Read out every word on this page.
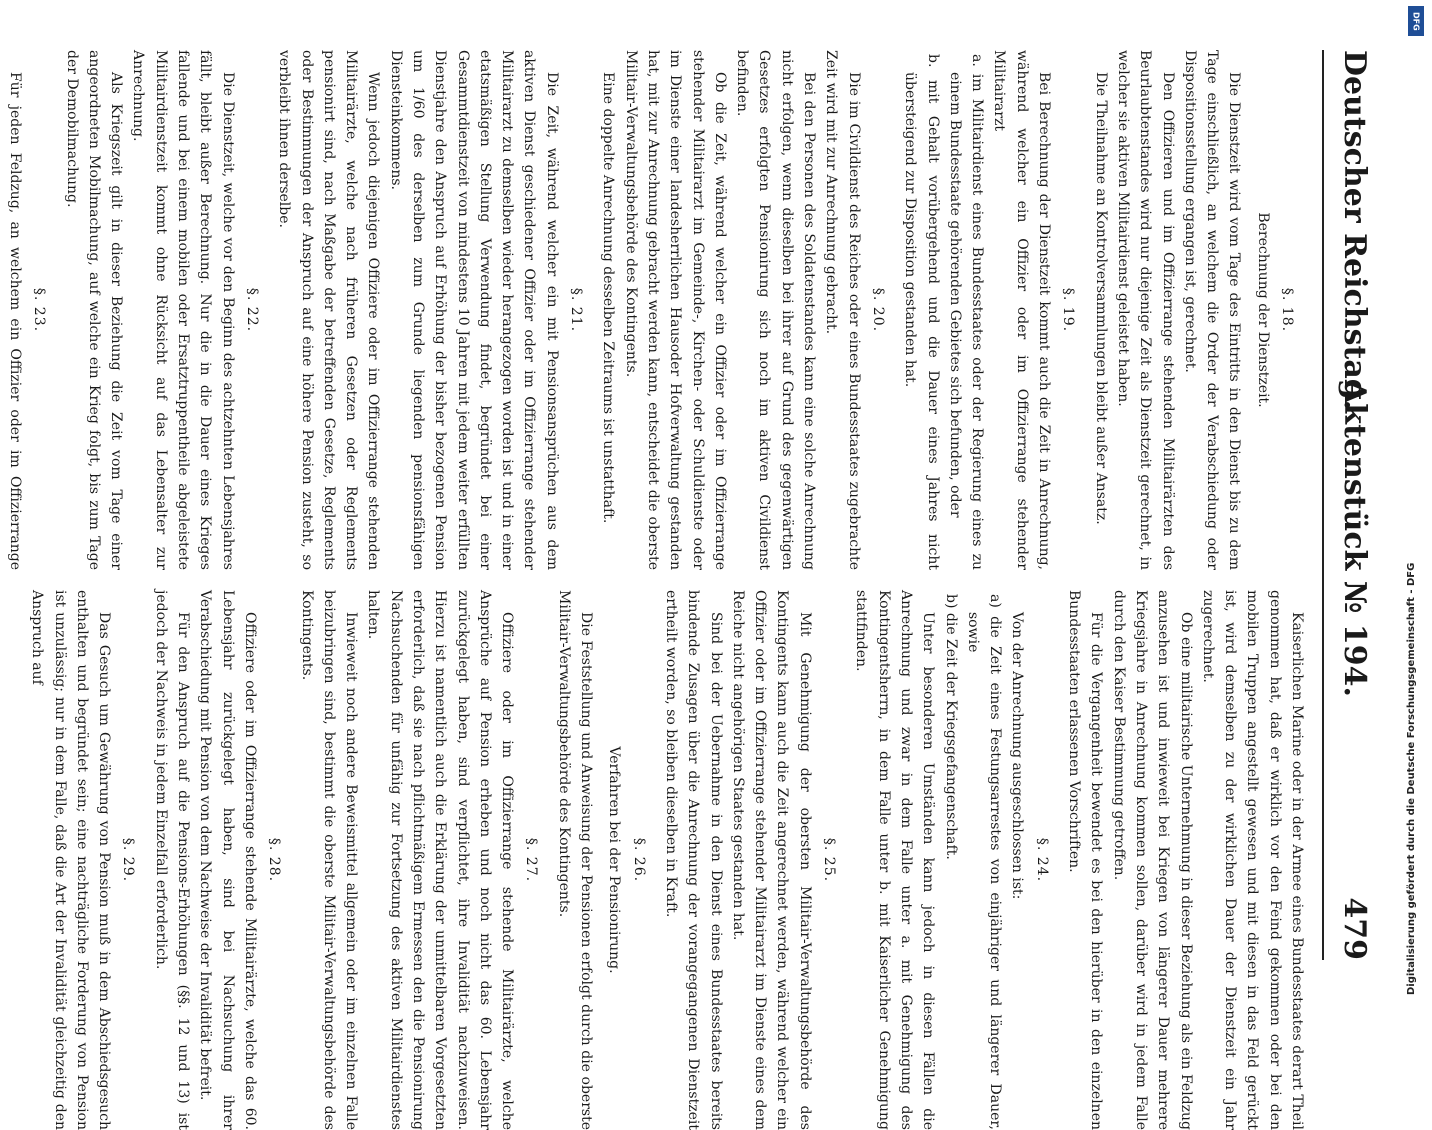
Deutscher Reichstag.
Aktenstück № 194.
479

§. 18.

Berechnung der Dienstzeit.

Die Dienstzeit wird vom Tage des Eintritts in den Dienst bis zu dem Tage einschließlich, an welchem die Order der Verabschiedung oder Dispositionsstellung ergangen ist, gerechnet.

Den Offizieren und im Offizierrange stehenden Militairärzten des Beurlaubtenstandes wird nur diejenige Zeit als Dienstzeit gerechnet, in welcher sie aktiven Militairdienst geleistet haben.

Die Theilnahme an Kontrolversammlungen bleibt außer Ansatz.

§. 19.

Bei Berechnung der Dienstzeit kommt auch die Zeit in Anrechnung, während welcher ein Offizier oder im Offizierrange stehender Militairarzt

a. im Militairdienst eines Bundesstaates oder der Regierung eines zu einem Bundesstaate gehörenden Gebietes sich befunden, oder

b. mit Gehalt vorübergehend und die Dauer eines Jahres nicht übersteigend zur Disposition gestanden hat.

§. 20.

Die im Civildienst des Reiches oder eines Bundesstaates zugebrachte Zeit wird mit zur Anrechnung gebracht.

Bei den Personen des Soldatenstandes kann eine solche Anrechnung nicht erfolgen, wenn dieselben bei ihrer auf Grund des gegenwärtigen Gesetzes erfolgten Pensionirung sich noch im aktiven Civildienst befinden.

Ob die Zeit, während welcher ein Offizier oder im Offizierrange stehender Militairarzt im Gemeinde-, Kirchen- oder Schuldienste oder im Dienste einer landesherrlichen Hausoder Hofverwaltung gestanden hat, mit zur Anrechnung gebracht werden kann, entscheidet die oberste Militair-Verwaltungsbehörde des Kontingents.

Eine doppelte Anrechnung desselben Zeitraums ist unstatthaft.

§. 21.

Die Zeit, während welcher ein mit Pensionsansprüchen aus dem aktiven Dienst geschiedener Offizier oder im Offizierrange stehender Militairarzt zu demselben wieder herangezogen worden ist und in einer etatsmäßigen Stellung Verwendung findet, begründet bei einer Gesammtdienstzeit von mindestens 10 Jahren mit jedem weiter erfüllten Dienstjahre den Anspruch auf Erhöhung der bisher bezogenen Pension um 1/60 des derselben zum Grunde liegenden pensionsfähigen Diensteinkommens.

Wenn jedoch diejenigen Offiziere oder im Offizierrange stehenden Militairärzte, welche nach früheren Gesetzen oder Reglements pensionirt sind, nach Maßgabe der betreffenden Gesetze, Reglements oder Bestimmungen der Anspruch auf eine höhere Pension zusteht, so verbleibt ihnen derselbe.

§. 22.

Die Dienstzeit, welche vor den Beginn des achtzehnten Lebensjahres fällt, bleibt außer Berechnung. Nur die in die Dauer eines Krieges fallende und bei einem mobilen oder Ersatztruppentheile abgeleistete Militairdienstzeit kommt ohne Rücksicht auf das Lebensalter zur Anrechnung.

Als Kriegszeit gilt in dieser Beziehung die Zeit vom Tage einer angeordneten Mobilmachung, auf welche ein Krieg folgt, bis zum Tage der Demobilmachung.

§. 23.

Für jeden Feldzug, an welchem ein Offizier oder im Offizierrange

Kaiserlichen Marine oder in der Armee eines Bundesstaates derart Theil genommen hat, daß er wirklich vor den Feind gekommen oder bei den mobilen Truppen angestellt gewesen und mit diesen in das Feld gerückt ist, wird demselben zu der wirklichen Dauer der Dienstzeit ein Jahr zugerechnet.

Ob eine militairische Unternehmung in dieser Beziehung als ein Feldzug anzusehen ist und inwieweit bei Kriegen von längerer Dauer mehrere Kriegsjahre in Anrechnung kommen sollen, darüber wird in jedem Falle durch den Kaiser Bestimmung getroffen.

Für die Vergangenheit bewendet es bei den hierüber in den einzelnen Bundesstaaten erlassenen Vorschriften.

§. 24.

Von der Anrechnung ausgeschlossen ist:

a) die Zeit eines Festungsarrestes von einjähriger und längerer Dauer, sowie

b) die Zeit der Kriegsgefangenschaft.

Unter besonderen Umständen kann jedoch in diesen Fällen die Anrechnung und zwar in dem Falle unter a. mit Genehmigung des Kontingentsherrn, in dem Falle unter b. mit Kaiserlicher Genehmigung stattfinden.

§. 25.

Mit Genehmigung der obersten Militair-Verwaltungsbehörde des Kontingents kann auch die Zeit angerechnet werden, während welcher ein Offizier oder im Offizierrange stehender Militairarzt im Dienste eines dem Reiche nicht angehörigen Staates gestanden hat.

Sind bei der Uebernahme in den Dienst eines Bundesstaates bereits bindende Zusagen über die Anrechnung der vorangegangenen Dienstzeit ertheilt worden, so bleiben dieselben in Kraft.

§. 26.

Verfahren bei der Pensionirung.

Die Feststellung und Anweisung der Pensionen erfolgt durch die oberste Militair-Verwaltungsbehörde des Kontingents.

§. 27.

Offiziere oder im Offizierrange stehende Militairärzte, welche Ansprüche auf Pension erheben und noch nicht das 60. Lebensjahr zurückgelegt haben, sind verpflichtet, ihre Invalidität nachzuweisen. Hierzu ist namentlich auch die Erklärung der unmittelbaren Vorgesetzten erforderlich, daß sie nach pflichtmäßigem Ermessen den die Pensionirung Nachsuchenden für unfähig zur Fortsetzung des aktiven Militairdienstes halten.

Inwieweit noch andere Beweismittel allgemein oder im einzelnen Falle beizubringen sind, bestimmt die oberste Militair-Verwaltungsbehörde des Kontingents.

§. 28.

Offiziere oder im Offizierrange stehende Militairärzte, welche das 60. Lebensjahr zurückgelegt haben, sind bei Nachsuchung ihrer Verabschiedung mit Pension von dem Nachweise der Invalidität befreit.

Für den Anspruch auf die Pensions-Erhöhungen (§§. 12 und 13) ist jedoch der Nachweis in jedem Einzelfall erforderlich.

§. 29.

Das Gesuch um Gewährung von Pension muß in dem Abschiedsgesuch enthalten und begründet sein; eine nachträgliche Forderung von Pension ist unzulässig; nur in dem Falle, daß die Art der Invalidität gleichzeitig den Anspruch auf

DFG
Digitalisierung gefördert durch die Deutsche Forschungsgemeinschaft - DFG
